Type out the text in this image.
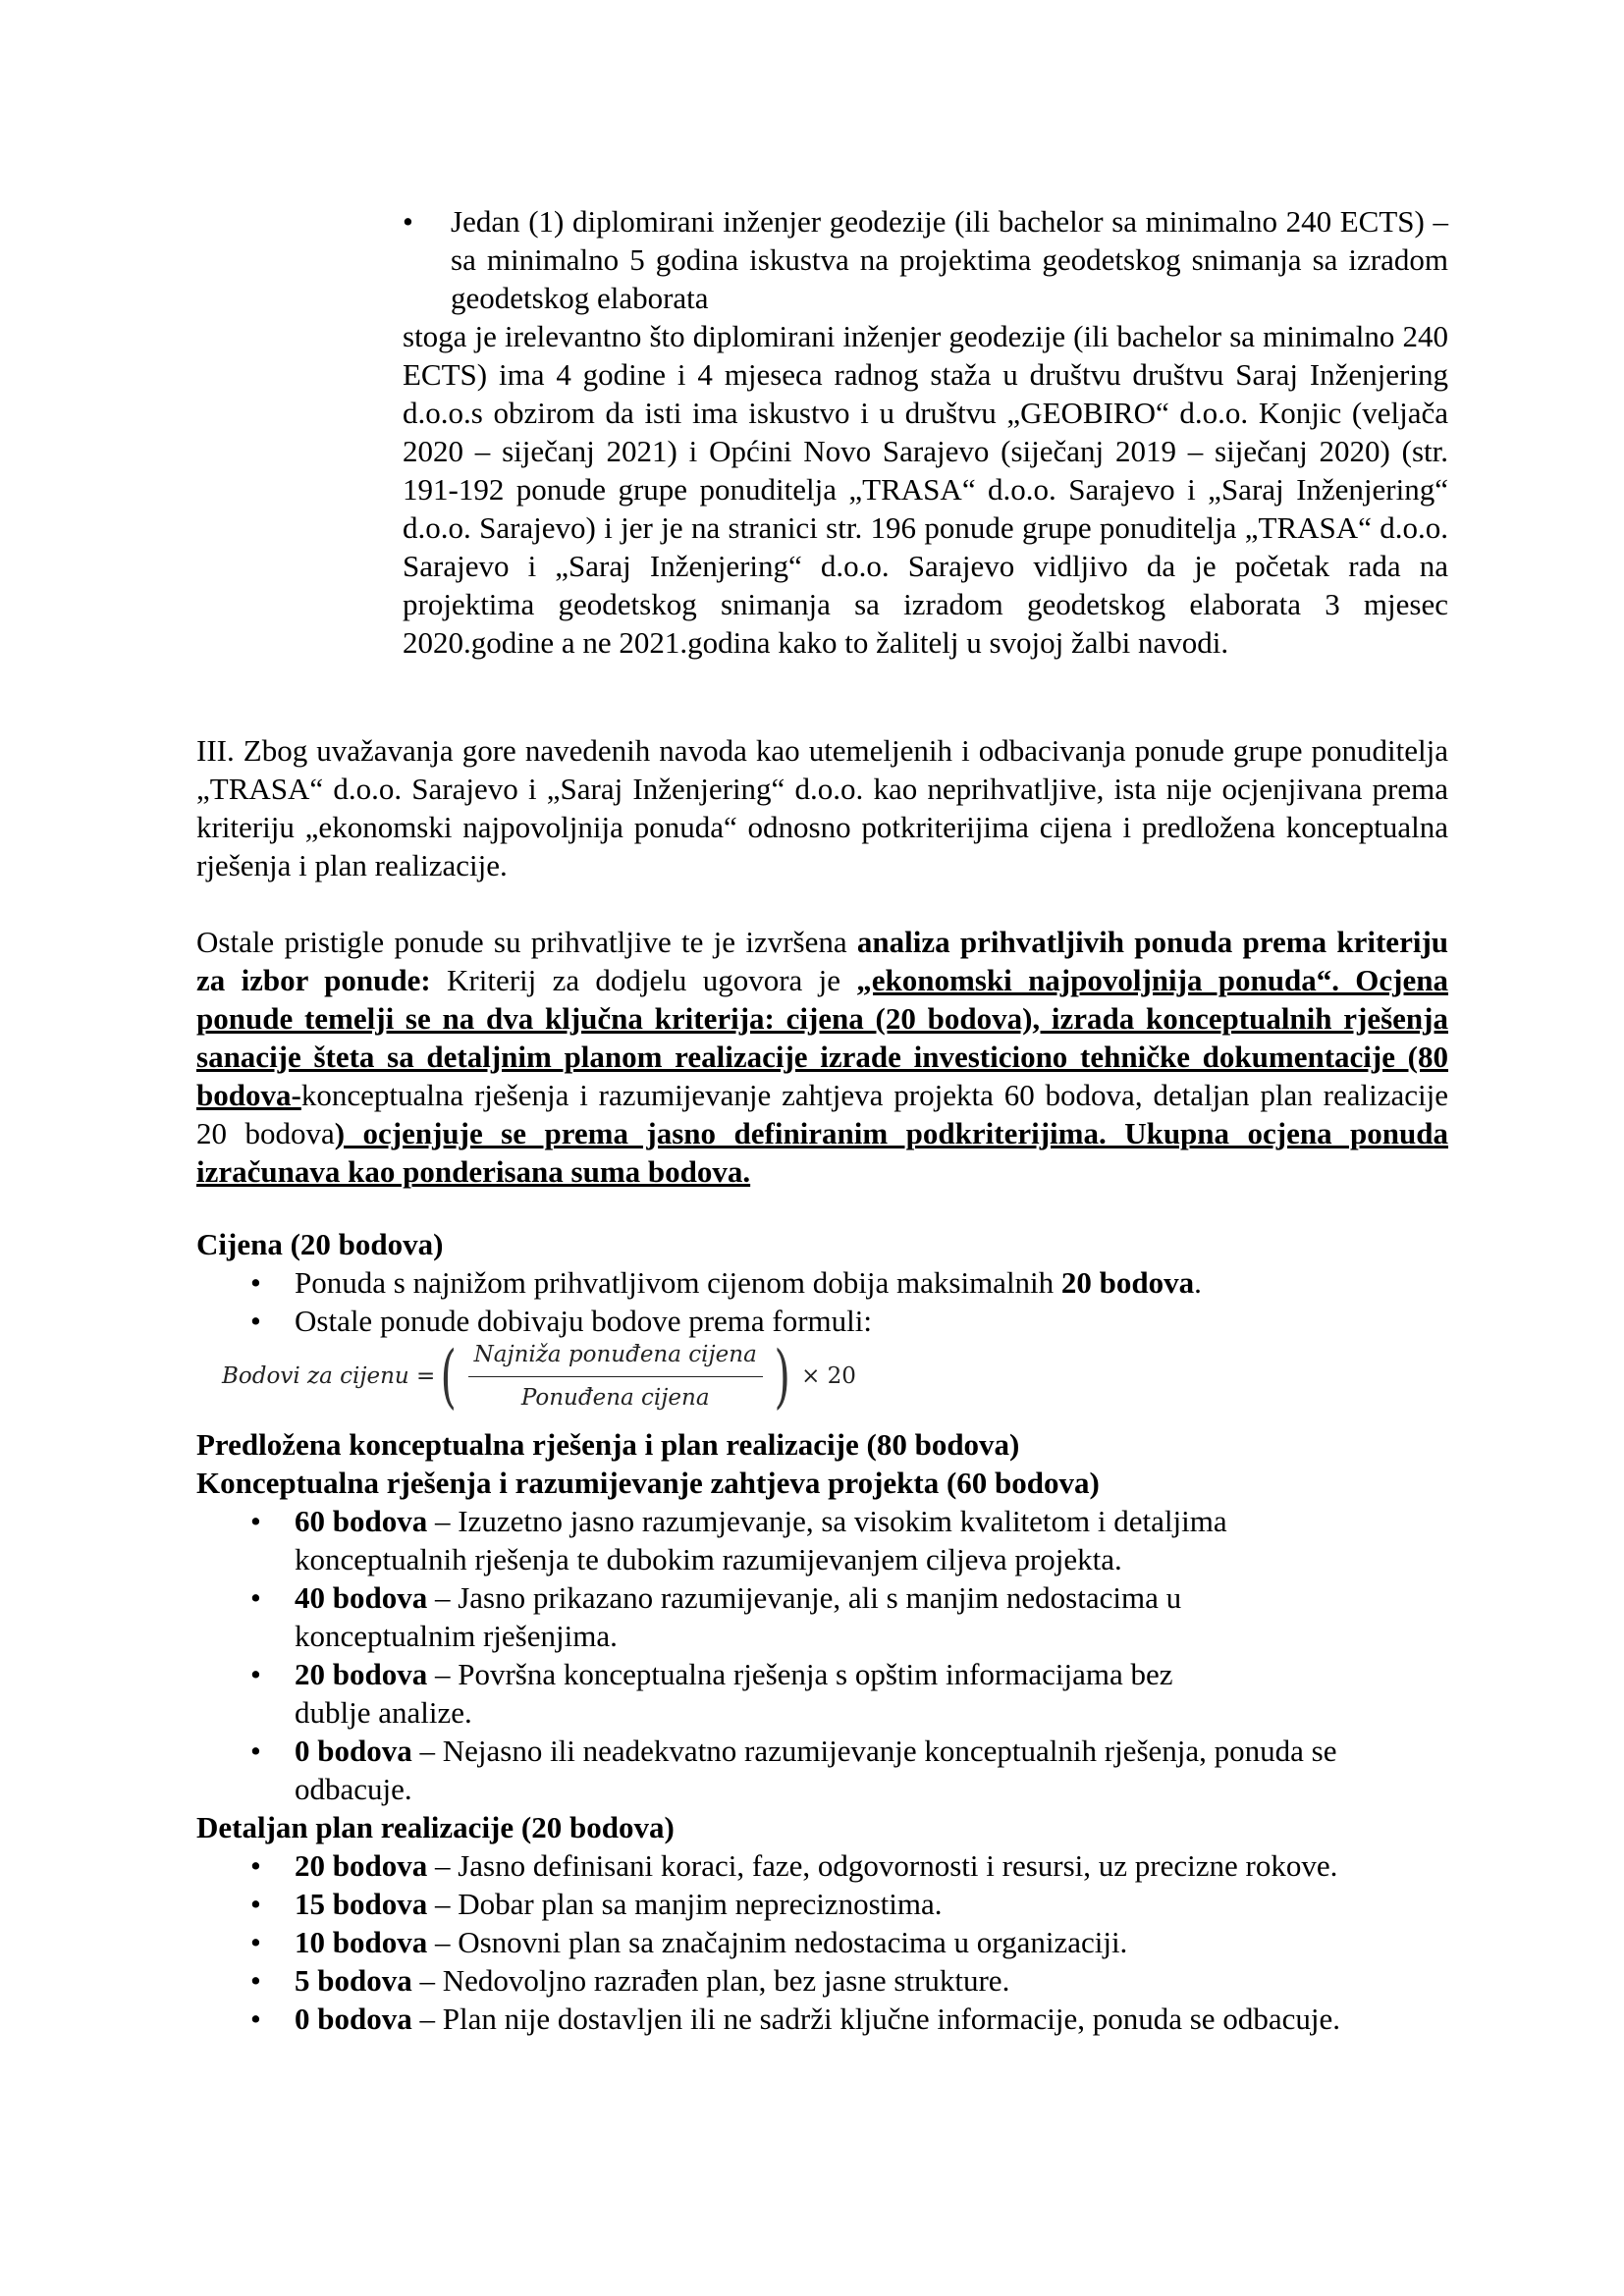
• Jedan (1) diplomirani inženjer geodezije (ili bachelor sa minimalno 240 ECTS) – sa minimalno 5 godina iskustva na projektima geodetskog snimanja sa izradom geodetskog elaborata

stoga je irelevantno što diplomirani inženjer geodezije (ili bachelor sa minimalno 240 ECTS) ima 4 godine i 4 mjeseca radnog staža u društvu društvu Saraj Inženjering d.o.o.s obzirom da isti ima iskustvo i u društvu „GEOBIRO“ d.o.o. Konjic (veljača 2020 – siječanj 2021) i Općini Novo Sarajevo (siječanj 2019 – siječanj 2020) (str. 191-192 ponude grupe ponuditelja „TRASA“ d.o.o. Sarajevo i „Saraj Inženjering“ d.o.o. Sarajevo) i jer je na stranici str. 196 ponude grupe ponuditelja „TRASA“ d.o.o. Sarajevo i „Saraj Inženjering“ d.o.o. Sarajevo vidljivo da je početak rada na projektima geodetskog snimanja sa izradom geodetskog elaborata 3 mjesec 2020.godine a ne 2021.godina kako to žalitelj u svojoj žalbi navodi.

III. Zbog uvažavanja gore navedenih navoda kao utemeljenih i odbacivanja ponude grupe ponuditelja „TRASA“ d.o.o. Sarajevo i „Saraj Inženjering“ d.o.o. kao neprihvatljive, ista nije ocjenjivana prema kriteriju „ekonomski najpovoljnija ponuda“ odnosno potkriterijima cijena i predložena konceptualna rješenja i plan realizacije.

Ostale pristigle ponude su prihvatljive te je izvršena analiza prihvatljivih ponuda prema kriteriju za izbor ponude: Kriterij za dodjelu ugovora je „ekonomski najpovoljnija ponuda“. Ocjena ponude temelji se na dva ključna kriterija: cijena (20 bodova), izrada konceptualnih rješenja sanacije šteta sa detaljnim planom realizacije izrade investiciono tehničke dokumentacije (80 bodova-konceptualna rješenja i razumijevanje zahtjeva projekta 60 bodova, detaljan plan realizacije 20 bodova) ocjenjuje se prema jasno definiranim podkriterijima. Ukupna ocjena ponuda izračunava kao ponderisana suma bodova.

Cijena (20 bodova)

• Ponuda s najnižom prihvatljivom cijenom dobija maksimalnih 20 bodova.
• Ostale ponude dobivaju bodove prema formuli:
Bodovi za cijenu = ( $\frac{\text{Najniža ponuđena cijena}}{\text{Ponuđena cijena}}$ ) × 20

Predložena konceptualna rješenja i plan realizacije (80 bodova)

Konceptualna rješenja i razumijevanje zahtjeva projekta (60 bodova)

• 60 bodova – Izuzetno jasno razumjevanje, sa visokim kvalitetom i detaljima konceptualnih rješenja te dubokim razumijevanjem ciljeva projekta.
• 40 bodova – Jasno prikazano razumijevanje, ali s manjim nedostacima u konceptualnim rješenjima.
• 20 bodova – Površna konceptualna rješenja s opštim informacijama bez dublje analize.
• 0 bodova – Nejasno ili neadekvatno razumijevanje konceptualnih rješenja, ponuda se odbacuje.

Detaljan plan realizacije (20 bodova)

• 20 bodova – Jasno definisani koraci, faze, odgovornosti i resursi, uz precizne rokove.
• 15 bodova – Dobar plan sa manjim nepreciznostima.
• 10 bodova – Osnovni plan sa značajnim nedostacima u organizaciji.
• 5 bodova – Nedovoljno razrađen plan, bez jasne strukture.
• 0 bodova – Plan nije dostavljen ili ne sadrži ključne informacije, ponuda se odbacuje.
